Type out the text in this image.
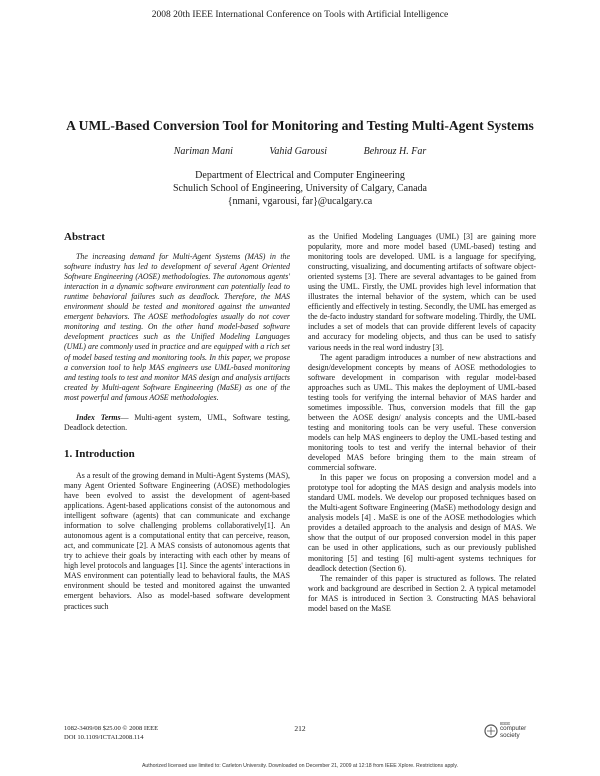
2008 20th IEEE International Conference on Tools with Artificial Intelligence
A UML-Based Conversion Tool for Monitoring and Testing Multi-Agent Systems
Nariman Mani	Vahid Garousi	Behrouz H. Far
Department of Electrical and Computer Engineering
Schulich School of Engineering, University of Calgary, Canada
{nmani, vgarousi, far}@ucalgary.ca
Abstract

The increasing demand for Multi-Agent Systems (MAS) in the software industry has led to development of several Agent Oriented Software Engineering (AOSE) methodologies. The autonomous agents' interaction in a dynamic software environment can potentially lead to runtime behavioral failures such as deadlock. Therefore, the MAS environment should be tested and monitored against the unwanted emergent behaviors. The AOSE methodologies usually do not cover monitoring and testing. On the other hand model-based software development practices such as the Unified Modeling Languages (UML) are commonly used in practice and are equipped with a rich set of model based testing and monitoring tools. In this paper, we propose a conversion tool to help MAS engineers use UML-based monitoring and testing tools to test and monitor MAS design and analysis artifacts created by Multi-agent Software Engineering (MaSE) as one of the most powerful and famous AOSE methodologies.

Index Terms— Multi-agent system, UML, Software testing, Deadlock detection.

1. Introduction

As a result of the growing demand in Multi-Agent Systems (MAS), many Agent Oriented Software Engineering (AOSE) methodologies have been evolved to assist the development of agent-based applications. Agent-based applications consist of the autonomous and intelligent software (agents) that can communicate and exchange information to solve challenging problems collaboratively[1]. An autonomous agent is a computational entity that can perceive, reason, act, and communicate [2]. A MAS consists of autonomous agents that try to achieve their goals by interacting with each other by means of high level protocols and languages [1]. Since the agents' interactions in MAS environment can potentially lead to behavioral faults, the MAS environment should be tested and monitored against the unwanted emergent behaviors. Also as model-based software development practices such

as the Unified Modeling Languages (UML) [3] are gaining more popularity, more and more model based (UML-based) testing and monitoring tools are developed. UML is a language for specifying, constructing, visualizing, and documenting artifacts of software object-oriented systems [3]. There are several advantages to be gained from using the UML. Firstly, the UML provides high level information that illustrates the internal behavior of the system, which can be used efficiently and effectively in testing. Secondly, the UML has emerged as the de-facto industry standard for software modeling. Thirdly, the UML includes a set of models that can provide different levels of capacity and accuracy for modeling objects, and thus can be used to satisfy various needs in the real word industry [3].

The agent paradigm introduces a number of new abstractions and design/development concepts by means of AOSE methodologies to software development in comparison with regular model-based approaches such as UML. This makes the deployment of UML-based testing tools for verifying the internal behavior of MAS harder and sometimes impossible. Thus, conversion models that fill the gap between the AOSE design/ analysis concepts and the UML-based testing and monitoring tools can be very useful. These conversion models can help MAS engineers to deploy the UML-based testing and monitoring tools to test and verify the internal behavior of their developed MAS before bringing them to the main stream of commercial software.

In this paper we focus on proposing a conversion model and a prototype tool for adopting the MAS design and analysis models into standard UML models. We develop our proposed techniques based on the Multi-agent Software Engineering (MaSE) methodology design and analysis models [4] . MaSE is one of the AOSE methodologies which provides a detailed approach to the analysis and design of MAS. We show that the output of our proposed conversion model in this paper can be used in other applications, such as our previously published monitoring [5] and testing [6] multi-agent systems techniques for deadlock detection (Section 6).

The remainder of this paper is structured as follows. The related work and background are described in Section 2. A typical metamodel for MAS is introduced in Section 3. Constructing MAS behavioral model based on the MaSE

1082-3409/08 $25.00 © 2008 IEEE
DOI 10.1109/ICTAI.2008.114
212
IEEE
computer society
Authorized licensed use limited to: Carleton University. Downloaded on December 21, 2009 at 12:18 from IEEE Xplore. Restrictions apply.
